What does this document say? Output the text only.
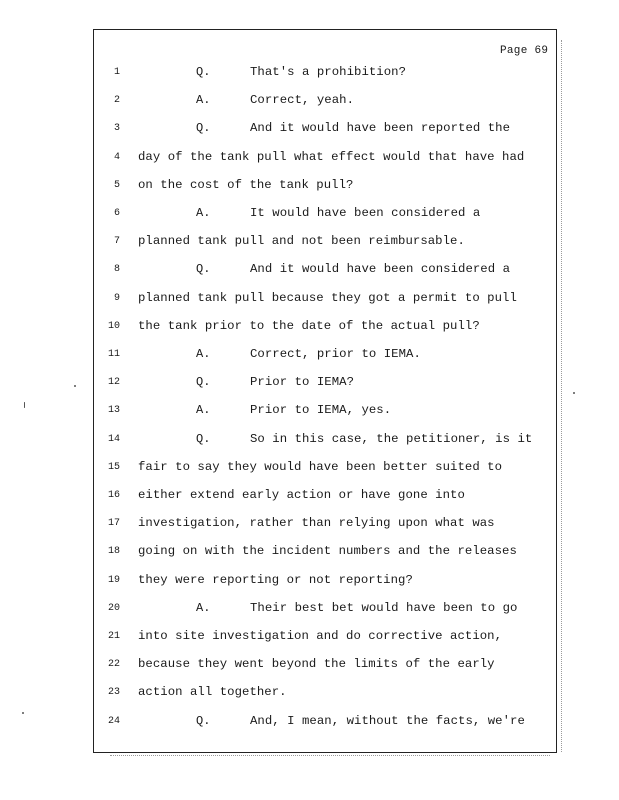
Page 69
1	Q.	That's a prohibition?
2	A.	Correct, yeah.
3	Q.	And it would have been reported the
4 day of the tank pull what effect would that have had
5 on the cost of the tank pull?
6	A.	It would have been considered a
7 planned tank pull and not been reimbursable.
8	Q.	And it would have been considered a
9 planned tank pull because they got a permit to pull
10 the tank prior to the date of the actual pull?
11	A.	Correct, prior to IEMA.
12	Q.	Prior to IEMA?
13	A.	Prior to IEMA, yes.
14	Q.	So in this case, the petitioner, is it
15 fair to say they would have been better suited to
16 either extend early action or have gone into
17 investigation, rather than relying upon what was
18 going on with the incident numbers and the releases
19 they were reporting or not reporting?
20	A.	Their best bet would have been to go
21 into site investigation and do corrective action,
22 because they went beyond the limits of the early
23 action all together.
24	Q.	And, I mean, without the facts, we're
